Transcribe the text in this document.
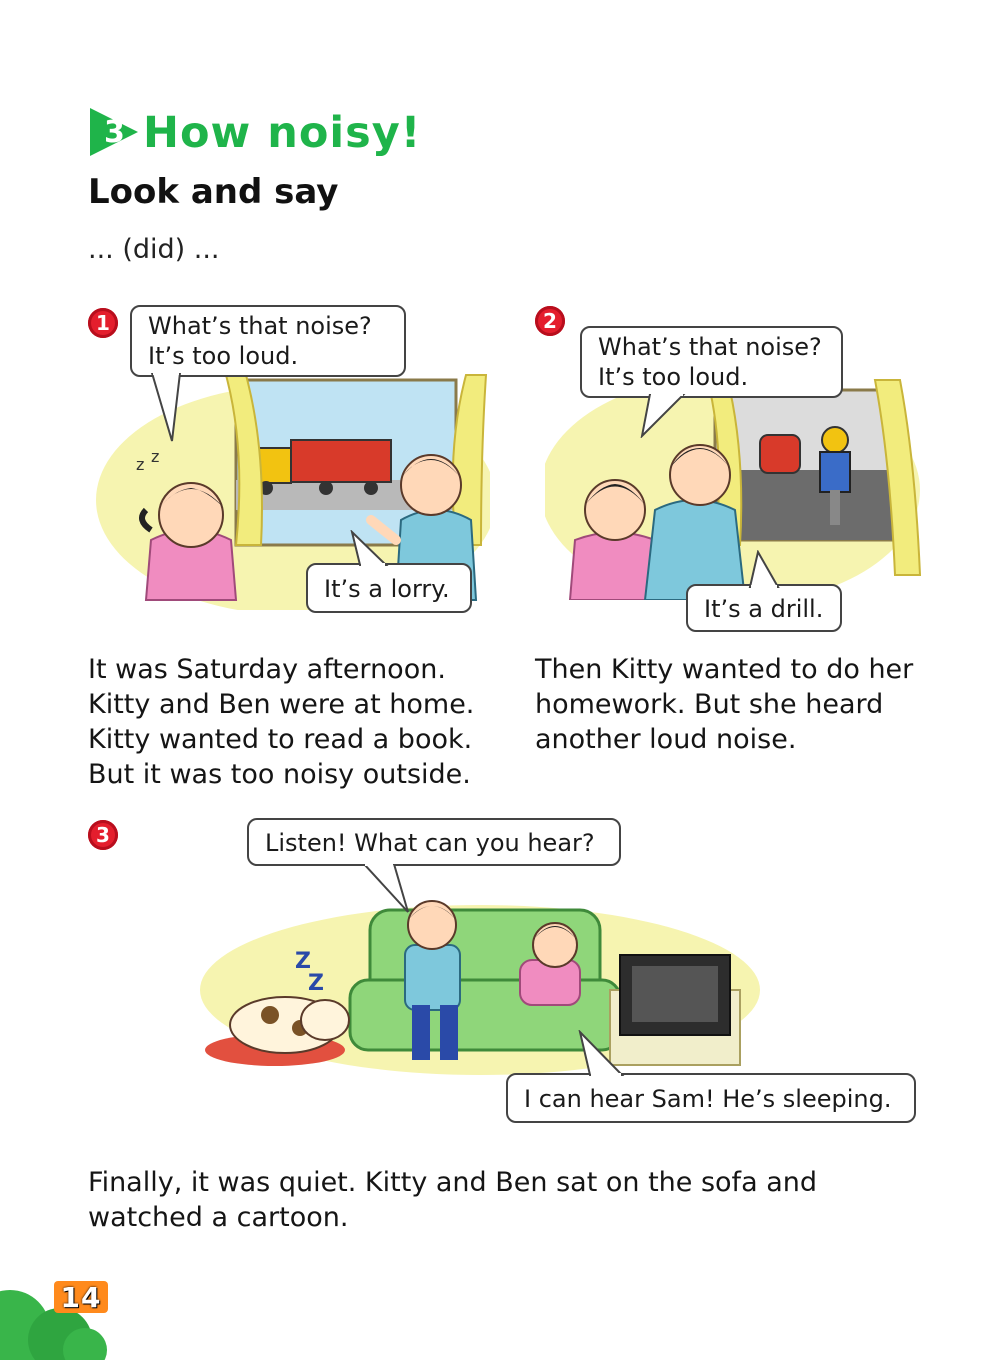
3 How noisy!
Look and say
... (did) ...
1
z z
What’s that noise?
It’s too loud.
It’s a lorry.
It was Saturday afternoon.
Kitty and Ben were at home.
Kitty wanted to read a book.
But it was too noisy outside.
2
What’s that noise?
It’s too loud.
It’s a drill.
Then Kitty wanted to do her
homework. But she heard
another loud noise.
3
Z
Z
Listen! What can you hear?
I can hear Sam! He’s sleeping.
Finally, it was quiet. Kitty and Ben sat on the sofa and
watched a cartoon.
14
